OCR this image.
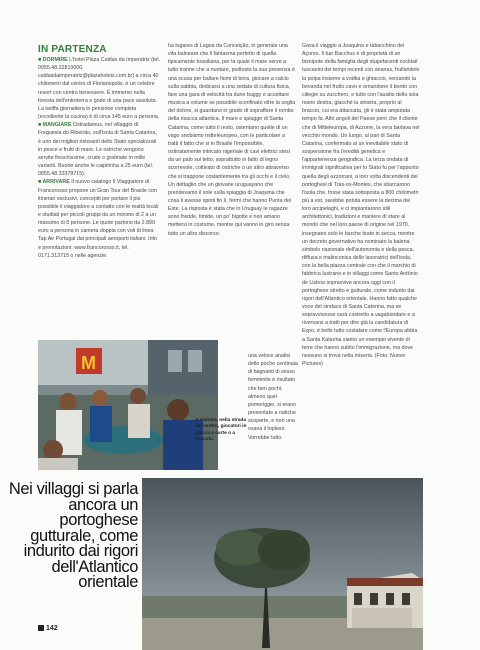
IN PARTENZA

■ DORMIRE L'hotel Plaza Caldas da Imperatriz (tel. 0055.48.32819000, caldasdaimperatriz@plazahoteis.com.br) a circa 40 chilometri dal centro di Florianopolis, è un celebre resort con centro benessere. È immerso nella foresta dell'entroterra e gode di una pace assoluta. La tariffa giornaliera in pensione completa (eccellente la cucina) è di circa 145 euro a persona.

■ MANGIARE Ostradamus, nel villaggio di Freguesia do Ribeirão, sull'isola di Santa Catarina, è uno dei migliori ristoranti dello Stato specializzati in pesce e frutti di mare. Le ostriche vengono servite freschissime, crude o gratinate in mille varianti. Buone anche le caipirinha a 25 euro (tel. 0055.48.33378715).

■ ARRIVARE Il nuovo catalogo Il Viaggiatore di Francorosso propone un Gran Tour del Brasile con itinerari esclusivi, concepiti per portare il più possibile il viaggiatore a contatto con le realtà locali e studiati per piccoli gruppi da un minimo di 2 a un massimo di 8 persone. Le quote partono da 2.890 euro a persona in camera doppia con voli di linea Tap Air Portugal dai principali aeroporti italiani. Info e prenotazioni: www.francorosso.it, tel. 0171.313715 o nelle agenzie.

ha lugares di Lagoa da Conceição, in generale una vita balneare che il fantasma perfetto di quella tipicamente brasiliana, per la quale il mare serve a tutto tranne che a nuotare, piuttosto la sua presenza è una scusa per ballare fiumi di birra, giocare a calcio sulla sabbia, dedicarsi a una sedata di cultura fisica, fare una gara di velocità tra dune buggy e accettare musica a volume se possibile sconfinato oltre la soglia del dolore, si guardano in grado di sopraffare il rombo della risacca atlantica. Il mare e spiagge di Santa Catarina, come tutto il resto, ostentano quelle di un vago snobismo mitteleuropeo, con le particolare a tratti il fatto che si in Brasile l'impossibile, ostinatamente intricato nigeriale di cavi elettrici stesi da un palo sul tetto, soprattutto in fatto di legno scorrevole, coltivato di ostriche o un altro attraverso che si trappone costantemente tra gli occhi e il cielo. Un dettaglio che un giovane uruguayano che prendevamo il sole sulla spiaggia di Joaquina che cosa li avesse spinti fin lì, fermi che hanno Punta del Este. La risposta è stata che in Uruguay le ragazze sono fredde, timide, un po' bigotte e non amano mettersi in costume, mentre qui vanno in giro senza tutto un altro discorso.

una veloce analisi delle poche centinaia di bagnanti di sesso femminile è risultato che ben pochi, almeno quel pomeriggio, si erano presentate a natiche scoperte, e non una osava il topless. Vorrebbe tutto.

Gava il viaggio a Joaquina e tabacchino dei Açores. Il bar Bacchus è di proprietà di un bisnipote della famiglia degli stupefacenti cocktail tuscanini dei tempi recenti con ananas, frullandolo la polpa insieme a vodka e ghiaccio, versando la bevanda nel frutto cavo e ornandone il bordo con ciliegie su zucchero, e tutto con l'ausilio della sola mano destra, giacché la sinistra, proprio al braccio, cui era attaccata, gli è stata amputata tempo fa. Altri angoli del Paese però che il cliente che di Mitteleuropa, di Azzorre, la vera barlava nel vecchio mondo. Un luogo, al pari di Santa Catarina, confermato ai un inevitabile stato di sospensione fra l'eredità genetica e l'appartenenza geografica. La terza ondata di immigrati significativa per lo Stato fu per l'appunto quella degli azzorrani, a loro volta discendenti dei portoghesi di Tras-os-Montes, che sbarcarono l'isola che, fosse stata sottoposta a 800 chilometri più a est, sarebbe potuta essere la decima dei loro arcipelaghi, e ci impiantarono stili architettonici, tradizioni e maniere di stare al mondo che nel loro paese di origine nel 1970, insegnano solo le barche tirate in secca, mentre un decreto governativo ha nominato la balena simbolo nazionale dell'autonomia e della pesca, diffusa e malinconica delle lavoratrici dell'isola, con la bella piazza centrale con che il marchio di fabbrica lustrano e in villaggi come Santo Antônio de Lisboa sopravvive ancora oggi con il portoghese stretto e gutturale, come indurito dai rigori dell'Atlantico orientale. Hanno fatto qualche voce del sindaco di Santa Caterina, ma se sopravvivesse sarà costretto a vagabondare e a riversarsi a tratti per dire già la candidatura di Expo, è bello tutto costatare come l'Europa abbia a Santa Katarina siamo un esempio vivente di terre che hanno subito l'immigrazione, ma dove nessuno si trova nella miseria. (Foto: Nuovo Pictures)

M
A sinistra, nella strada del centro, giocatori in giacca a carte o a scacchi.
Nei villaggi si parla ancora un portoghese gutturale, come indurito dai rigori dell'Atlantico orientale
142
